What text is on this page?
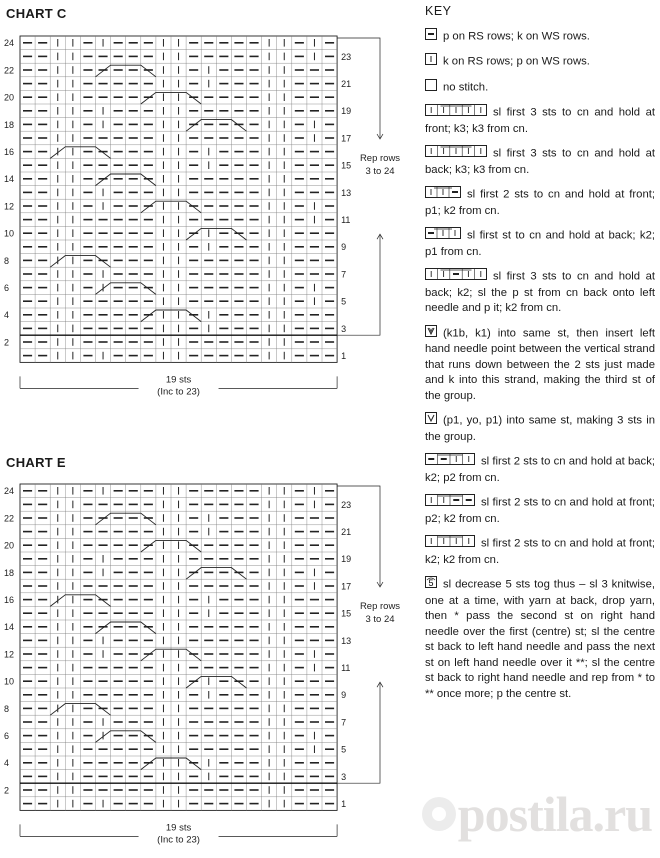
CHART C
24
22
20
18
16
14
12
10
8
6
4
2
23
21
19
17
15
13
11
9
7
5
3
1
Rep rows
3 to 24
19 sts
(Inc to 23)
CHART E
24
22
20
18
16
14
12
10
8
6
4
2
23
21
19
17
15
13
11
9
7
5
3
1
Rep rows
3 to 24
19 sts
(Inc to 23)
KEY
p on RS rows; k on WS rows.
k on RS rows; p on WS rows.
no stitch.
sl first 3 sts to cn and hold at front; k3; k3 from cn.
sl first 3 sts to cn and hold at back; k3; k3 from cn.
sl first 2 sts to cn and hold at front; p1; k2 from cn.
sl first st to cn and hold at back; k2; p1 from cn.
sl first 3 sts to cn and hold at back; k2; sl the p st from cn back onto left needle and p it; k2 from cn.
(k1b, k1) into same st, then insert left hand needle point between the vertical strand that runs down between the 2 sts just made and k into this strand, making the third st of the group.
(p1, yo, p1) into same st, making 3 sts in the group.
sl first 2 sts to cn and hold at back; k2; p2 from cn.
sl first 2 sts to cn and hold at front; p2; k2 from cn.
sl first 2 sts to cn and hold at front; k2; k2 from cn.
5 sl decrease 5 sts tog thus – sl 3 knitwise, one at a time, with yarn at back, drop yarn, then * pass the second st on right hand needle over the first (centre) st; sl the centre st back to left hand needle and pass the next st on left hand needle over it **; sl the centre st back to right hand needle and rep from * to ** once more; p the centre st.
postila.ru
